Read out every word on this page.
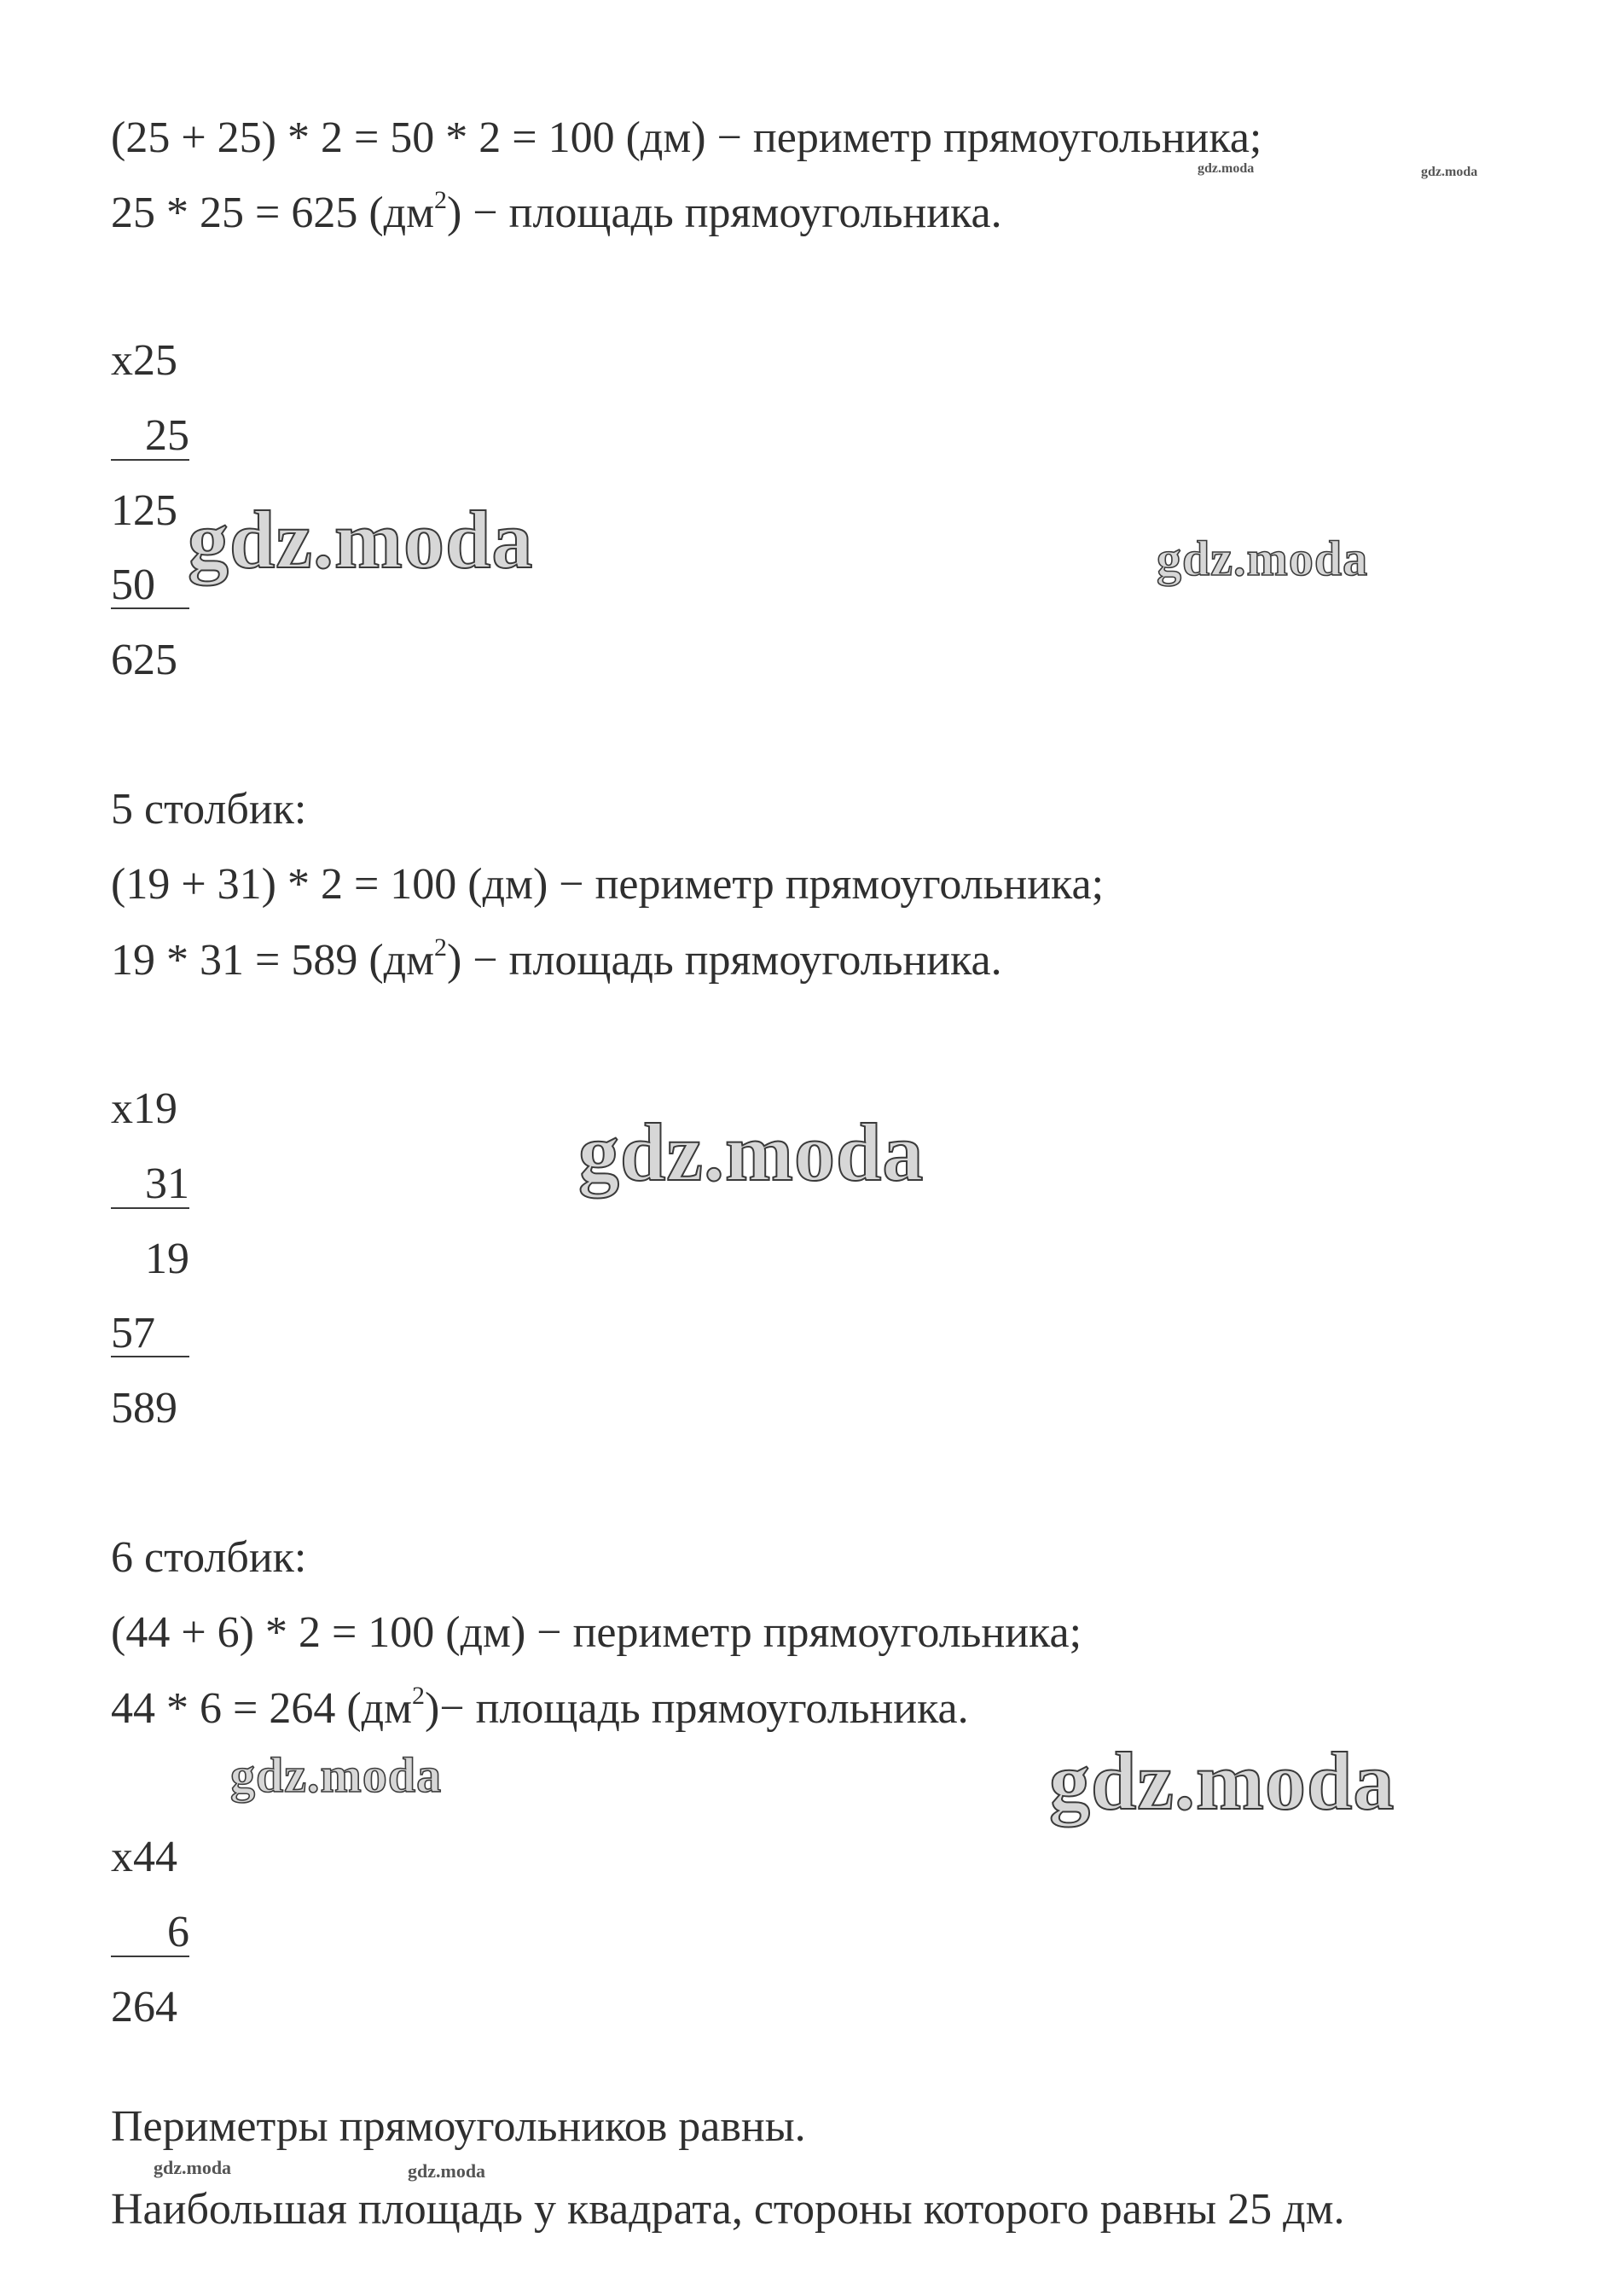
(25 + 25) * 2 = 50 * 2 = 100 (дм) − периметр прямоугольника;
25 * 25 = 625 $(дм^2)$ − площадь прямоугольника.
х25
25
125
50
625
5 столбик:
(19 + 31) * 2 = 100 (дм) − периметр прямоугольника;
19 * 31 = 589 $(дм^2)$ − площадь прямоугольника.
х19
31
19
57
589
6 столбик:
(44 + 6) * 2 = 100 (дм) − периметр прямоугольника;
44 * 6 = 264 $(дм^2)-$ площадь прямоугольника.
х44
6
264
Периметры прямоугольников равны.
Наибольшая площадь у квадрата, стороны которого равны 25 дм.
gdz.moda	gdz.moda
gdz.moda	gdz.moda
gdz.moda
gdz.moda	gdz.moda
gdz.moda	gdz.moda
